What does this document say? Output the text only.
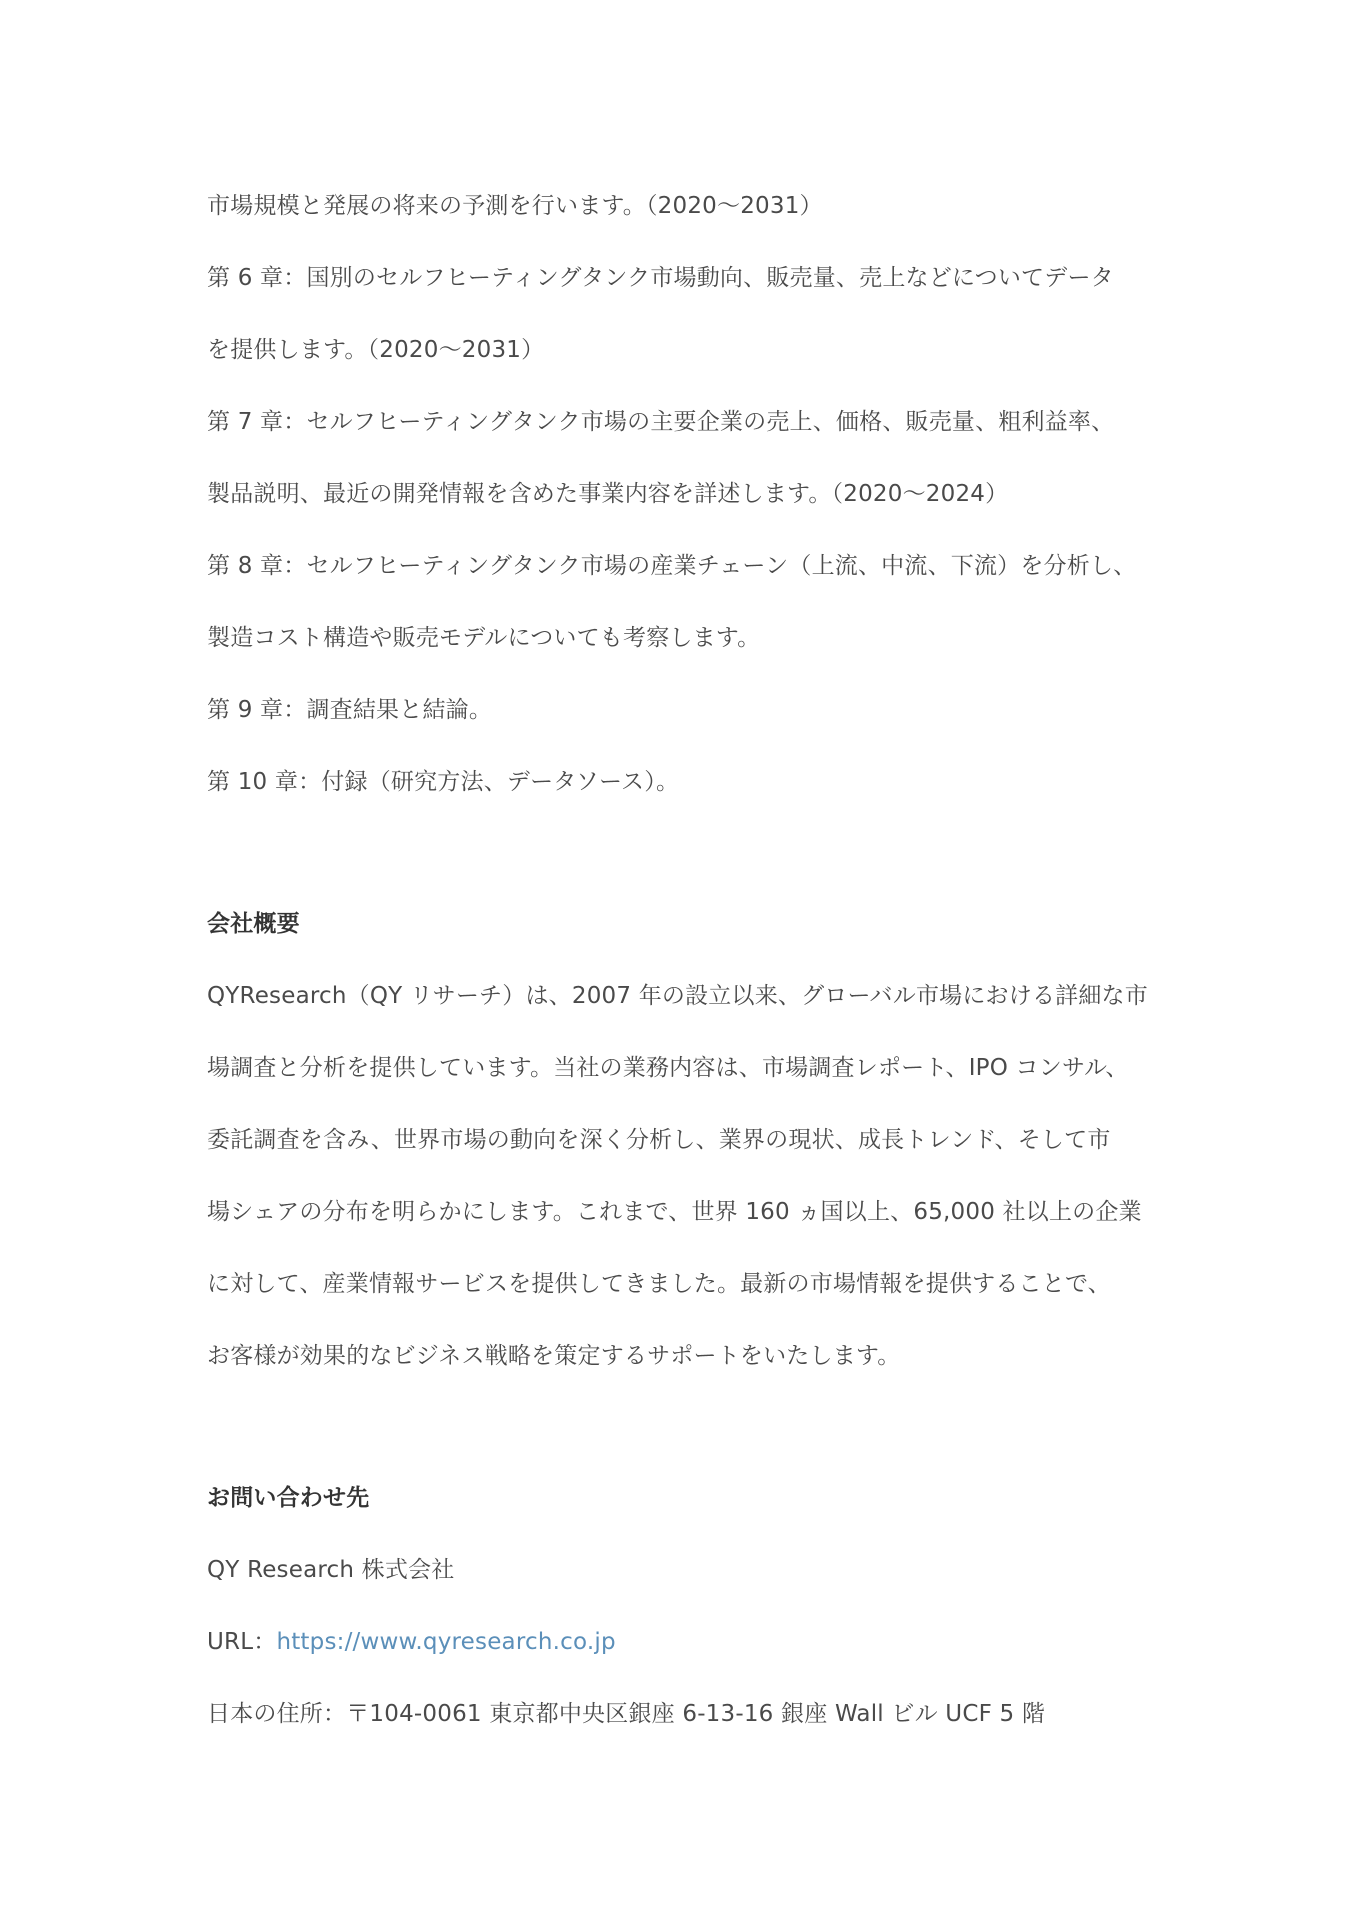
市場規模と発展の将来の予測を行います。（2020～2031）
第 6 章：国別のセルフヒーティングタンク市場動向、販売量、売上などについてデータ
を提供します。（2020～2031）
第 7 章：セルフヒーティングタンク市場の主要企業の売上、価格、販売量、粗利益率、
製品説明、最近の開発情報を含めた事業内容を詳述します。（2020～2024）
第 8 章：セルフヒーティングタンク市場の産業チェーン（上流、中流、下流）を分析し、
製造コスト構造や販売モデルについても考察します。
第 9 章：調査結果と結論。
第 10 章：付録（研究方法、データソース）。
会社概要
QYResearch（QY リサーチ）は、2007 年の設立以来、グローバル市場における詳細な市
場調査と分析を提供しています。当社の業務内容は、市場調査レポート、IPO コンサル、
委託調査を含み、世界市場の動向を深く分析し、業界の現状、成長トレンド、そして市
場シェアの分布を明らかにします。これまで、世界 160 ヵ国以上、65,000 社以上の企業
に対して、産業情報サービスを提供してきました。最新の市場情報を提供することで、
お客様が効果的なビジネス戦略を策定するサポートをいたします。
お問い合わせ先
QY Research 株式会社
URL：https://www.qyresearch.co.jp
日本の住所：〒104-0061 東京都中央区銀座 6-13-16 銀座 Wall ビル UCF 5 階
